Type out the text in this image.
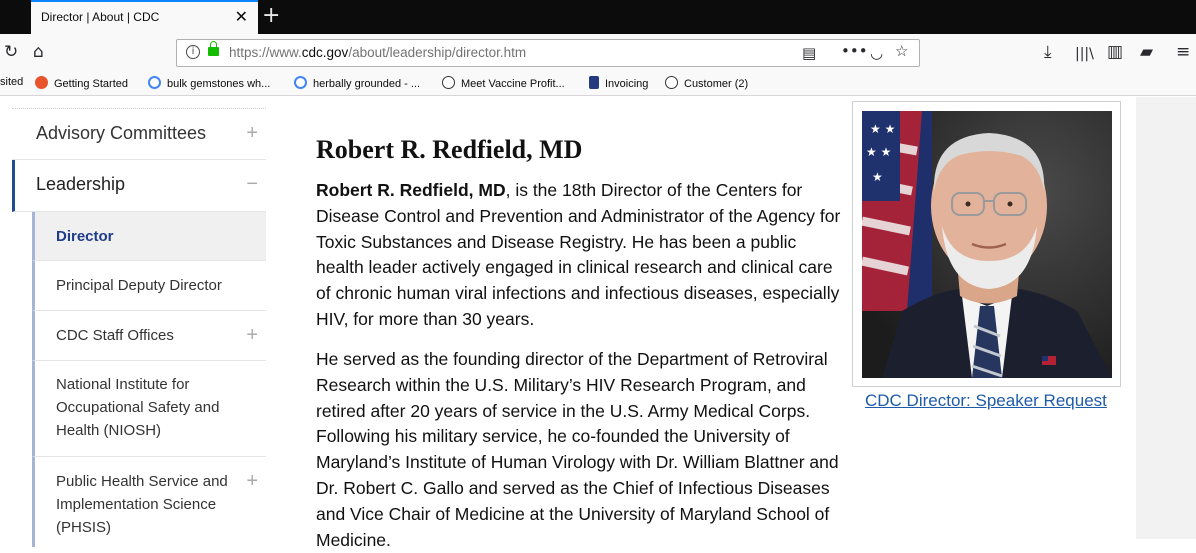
Director | About | CDC	✕ +
↻ ⌂	i	https://www.cdc.gov/about/leadership/director.htm	▤ ••• ◡ ☆	⤓ |||\ ▥ ▰ ≡
sited	Getting Started	bulk gemstones wh...	herbally grounded - ...	Meet Vaccine Profit...	Invoicing	Customer (2)
Advisory Committees +
Leadership	−
Director
Principal Deputy Director
CDC Staff Offices	+
National Institute for Occupational Safety and Health (NIOSH)
Public Health Service and Implementation Science (PHSIS)
+
Robert R. Redfield, MD

Robert R. Redfield, MD, is the 18th Director of the Centers for Disease Control and Prevention and Administrator of the Agency for Toxic Substances and Disease Registry. He has been a public health leader actively engaged in clinical research and clinical care of chronic human viral infections and infectious diseases, especially HIV, for more than 30 years.

He served as the founding director of the Department of Retroviral Research within the U.S. Military’s HIV Research Program, and retired after 20 years of service in the U.S. Army Medical Corps. Following his military service, he co-founded the University of Maryland’s Institute of Human Virology with Dr. William Blattner and Dr. Robert C. Gallo and served as the Chief of Infectious Diseases and Vice Chair of Medicine at the University of Maryland School of Medicine.

★ ★
★ ★
★
CDC Director: Speaker Request
